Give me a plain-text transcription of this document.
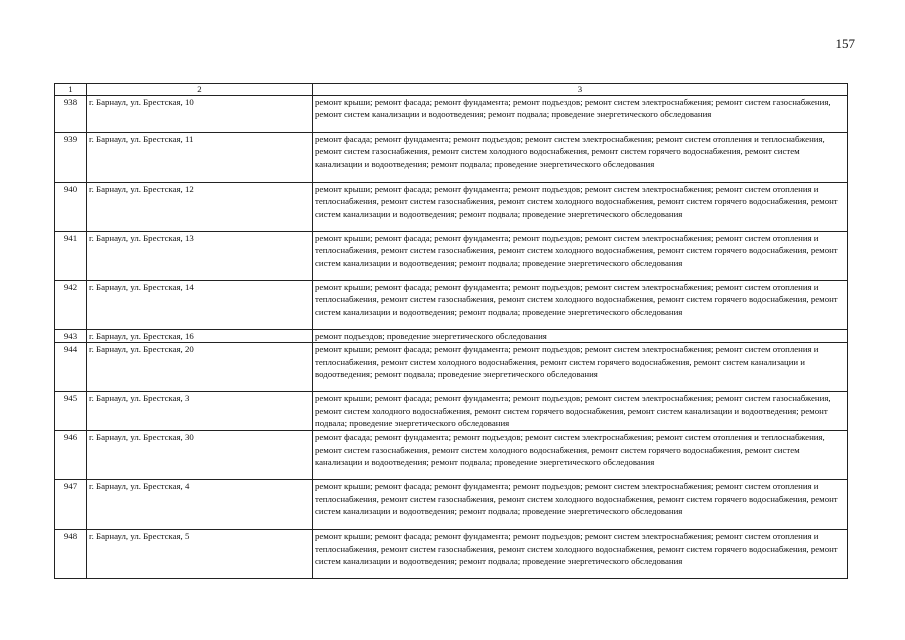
157
1	2	3
938	г. Барнаул, ул. Брестская, 10	ремонт крыши; ремонт фасада; ремонт фундамента; ремонт подъездов; ремонт систем электроснабжения; ремонт систем газоснабжения, ремонт систем канализации и водоотведения; ремонт подвала; проведение энергетического обследования
939	г. Барнаул, ул. Брестская, 11	ремонт фасада; ремонт фундамента; ремонт подъездов; ремонт систем электроснабжения; ремонт систем отопления и теплоснабжения, ремонт систем газоснабжения, ремонт систем холодного водоснабжения, ремонт систем горячего водоснабжения, ремонт систем канализации и водоотведения; ремонт подвала; проведение энергетического обследования
940	г. Барнаул, ул. Брестская, 12	ремонт крыши; ремонт фасада; ремонт фундамента; ремонт подъездов; ремонт систем электроснабжения; ремонт систем отопления и теплоснабжения, ремонт систем газоснабжения, ремонт систем холодного водоснабжения, ремонт систем горячего водоснабжения, ремонт систем канализации и водоотведения; ремонт подвала; проведение энергетического обследования
941	г. Барнаул, ул. Брестская, 13	ремонт крыши; ремонт фасада; ремонт фундамента; ремонт подъездов; ремонт систем электроснабжения; ремонт систем отопления и теплоснабжения, ремонт систем газоснабжения, ремонт систем холодного водоснабжения, ремонт систем горячего водоснабжения, ремонт систем канализации и водоотведения; ремонт подвала; проведение энергетического обследования
942	г. Барнаул, ул. Брестская, 14	ремонт крыши; ремонт фасада; ремонт фундамента; ремонт подъездов; ремонт систем электроснабжения; ремонт систем отопления и теплоснабжения, ремонт систем газоснабжения, ремонт систем холодного водоснабжения, ремонт систем горячего водоснабжения, ремонт систем канализации и водоотведения; ремонт подвала; проведение энергетического обследования
943	г. Барнаул, ул. Брестская, 16	ремонт подъездов; проведение энергетического обследования
944	г. Барнаул, ул. Брестская, 20	ремонт крыши; ремонт фасада; ремонт фундамента; ремонт подъездов; ремонт систем электроснабжения; ремонт систем отопления и теплоснабжения, ремонт систем холодного водоснабжения, ремонт систем горячего водоснабжения, ремонт систем канализации и водоотведения; ремонт подвала; проведение энергетического обследования
945	г. Барнаул, ул. Брестская, 3	ремонт крыши; ремонт фасада; ремонт фундамента; ремонт подъездов; ремонт систем электроснабжения; ремонт систем газоснабжения, ремонт систем холодного водоснабжения, ремонт систем горячего водоснабжения, ремонт систем канализации и водоотведения; ремонт подвала; проведение энергетического обследования
946	г. Барнаул, ул. Брестская, 30	ремонт фасада; ремонт фундамента; ремонт подъездов; ремонт систем электроснабжения; ремонт систем отопления и теплоснабжения, ремонт систем газоснабжения, ремонт систем холодного водоснабжения, ремонт систем горячего водоснабжения, ремонт систем канализации и водоотведения; ремонт подвала; проведение энергетического обследования
947	г. Барнаул, ул. Брестская, 4	ремонт крыши; ремонт фасада; ремонт фундамента; ремонт подъездов; ремонт систем электроснабжения; ремонт систем отопления и теплоснабжения, ремонт систем газоснабжения, ремонт систем холодного водоснабжения, ремонт систем горячего водоснабжения, ремонт систем канализации и водоотведения; ремонт подвала; проведение энергетического обследования
948	г. Барнаул, ул. Брестская, 5	ремонт крыши; ремонт фасада; ремонт фундамента; ремонт подъездов; ремонт систем электроснабжения; ремонт систем отопления и теплоснабжения, ремонт систем газоснабжения, ремонт систем холодного водоснабжения, ремонт систем горячего водоснабжения, ремонт систем канализации и водоотведения; ремонт подвала; проведение энергетического обследования
